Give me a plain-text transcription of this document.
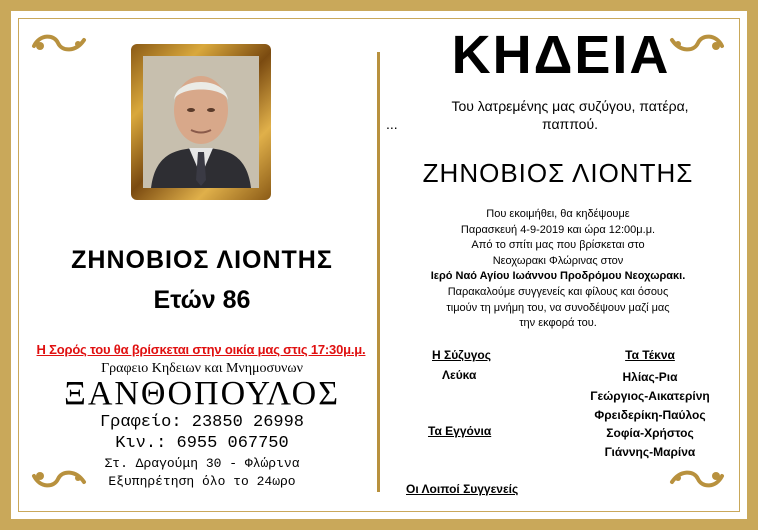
ΖΗΝΟΒΙΟΣ ΛΙΟΝΤΗΣ
Ετών 86
Η Σορός του θα βρίσκεται στην οικία μας στις 17:30μ.μ.
Γραφειο Κηδειων και Μνημοσυνων
ΞΑΝΘΟΠΟΥΛΟΣ
Γραφείο: 23850 26998
Κιν.: 6955 067750
Στ. Δραγούμη 30 - Φλώρινα
Εξυπηρέτηση όλο το 24ωρο
ΚΗΔΕΙΑ
Του λατρεμένης μας συζύγου, πατέρα,
...	παππού.
ΖΗΝΟΒΙΟΣ ΛΙΟΝΤΗΣ
Που εκοιμήθει, θα κηδέψουμε
Παρασκευή 4-9-2019 και ώρα 12:00μ.μ.
Από το σπίτι μας που βρίσκεται στο
Νεοχωρακι Φλώρινας στον
Ιερό Ναό Αγίου Ιωάννου Προδρόμου Νεοχωρακι.
Παρακαλούμε συγγενείς και φίλους και όσους
τιμούν τη μνήμη του, να συνοδέψουν μαζί μας
την εκφορά του.
Η Σύζυγος
Λεύκα
Τα Τέκνα
Ηλίας-Ρια
Γεώργιος-Αικατερίνη
Φρειδερίκη-Παύλος
Σοφία-Χρήστος
Γιάννης-Μαρίνα
Τα Εγγόνια
Οι Λοιποί Συγγενείς
